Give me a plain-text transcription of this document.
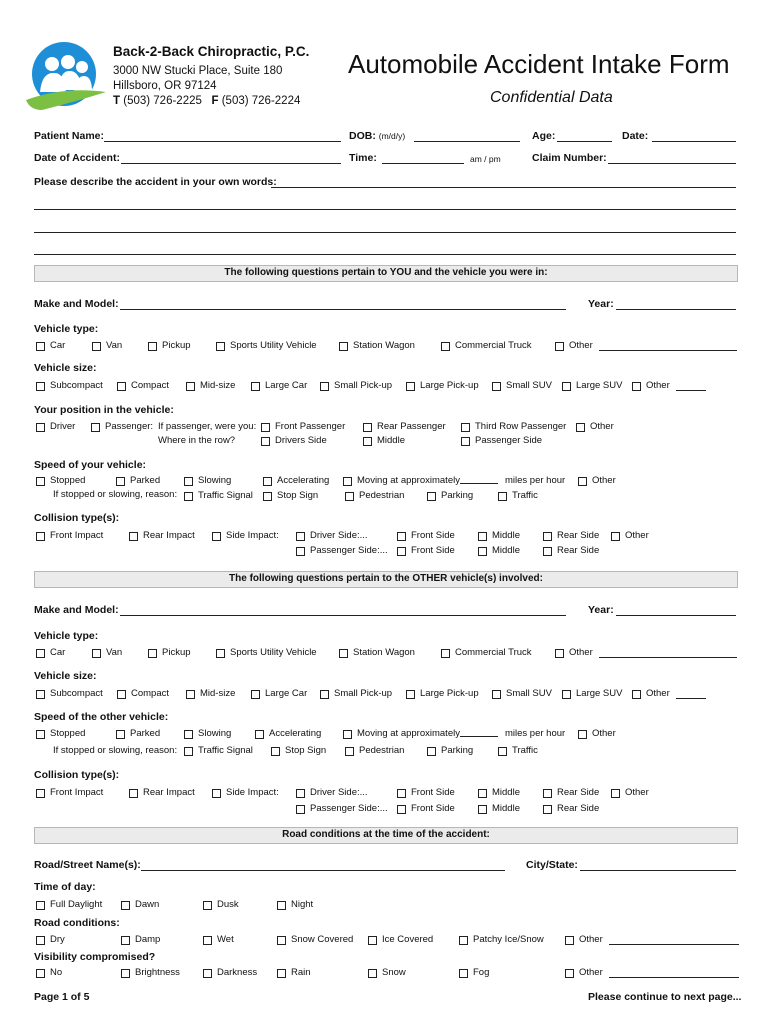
Back-2-Back Chiropractic, P.C.
3000 NW Stucki Place, Suite 180
Hillsboro, OR 97124
T (503) 726-2225 F (503) 726-2224
Automobile Accident Intake Form
Confidential Data
Patient Name:	DOB: (m/d/y)	Age:	Date:
Date of Accident:	Time:	am / pm	Claim Number:
Please describe the accident in your own words:
The following questions pertain to YOU and the vehicle you were in:
Make and Model:	Year:
Vehicle type:
Vehicle size:
Your position in the vehicle:
If passenger, were you:
Where in the row?
Speed of your vehicle:
If stopped or slowing, reason:
miles per hour
Collision type(s):
Car	Van	Pickup	Sports Utility Vehicle	Station Wagon	Commercial Truck	Other
Subcompact	Compact	Mid-size	Large Car	Small Pick-up	Large Pick-up	Small SUV	Large SUV Other
Stopped	Parked	Slowing	Accelerating	Moving at approximately	Other
Traffic Signal	Stop Sign	Pedestrian	Parking	Traffic
Front Impact	Rear Impact	Side Impact:	Driver Side:...	Front Side	Middle	Rear Side	Other
Passenger Side:... Front Side	Middle	Rear Side
Driver	Passenger:	Front Passenger	Rear Passenger	Third Row Passenger Other
Drivers Side	Middle	Passenger Side
The following questions pertain to the OTHER vehicle(s) involved:
Make and Model:	Year:
Vehicle type:
Vehicle size:
Speed of the other vehicle:
If stopped or slowing, reason:
miles per hour
Collision type(s):
Car	Van	Pickup	Sports Utility Vehicle	Station Wagon	Commercial Truck	Other
Subcompact	Compact	Mid-size	Large Car	Small Pick-up	Large Pick-up	Small SUV	Large SUV Other
Stopped	Parked	Slowing	Accelerating	Moving at approximately	Other
Traffic Signal	Stop Sign	Pedestrian	Parking	Traffic
Front Impact	Rear Impact	Side Impact:	Driver Side:...	Front Side	Middle	Rear Side	Other
Passenger Side:... Front Side	Middle	Rear Side
Road conditions at the time of the accident:
Road/Street Name(s):	City/State:
Time of day:
Road conditions:
Visibility compromised?
Full Daylight	Dawn	Dusk	Night
Dry	Damp	Wet	Snow Covered	Ice Covered	Patchy Ice/Snow	Other
No	Brightness	Darkness	Rain	Snow	Fog	Other
Page 1 of 5	Please continue to next page...
